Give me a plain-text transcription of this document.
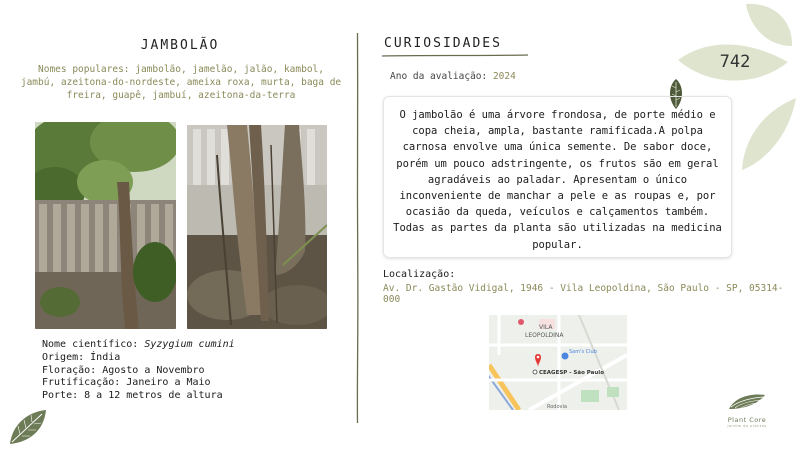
JAMBOLÃO
Nomes populares: jambolão, jamelão, jalão, kambol, jambú, azeitona-do-nordeste, ameixa roxa, murta, baga de freira, guapê, jambuí, azeitona-da-terra
Nome científico: Syzygium cumini
Origem: Índia
Floração: Agosto a Novembro
Frutificação: Janeiro a Maio
Porte: 8 a 12 metros de altura
CURIOSIDADES
Ano da avaliação: 2024
O jambolão é uma árvore frondosa, de porte médio e copa cheia, ampla, bastante ramificada.A polpa carnosa envolve uma única semente. De sabor doce, porém um pouco adstringente, os frutos são em geral agradáveis ao paladar. Apresentam o único inconveniente de manchar a pele e as roupas e, por ocasião da queda, veículos e calçamentos também. Todas as partes da planta são utilizadas na medicina popular.
Localização:
Av. Dr. Gastão Vidigal, 1946 - Vila Leopoldina, São Paulo - SP, 05314-000
VILA
LEOPOLDINA
Sam's Club
CEAGESP - São Paulo
Rodovia
742
Plant Core
jardim de plantas
